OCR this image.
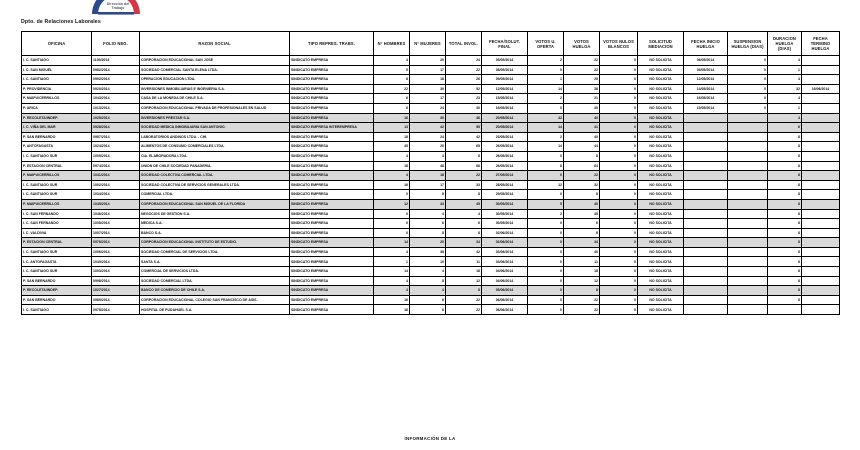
Dirección del
Trabajo
Dpto. de Relaciones Laborales
OFICINA	FOLIO NEG.	RAZON SOCIAL	TIPO REPRES. TRABS.	N° HOMBRES	N° MUJERES	TOTAL INVOL.	FECHA/SOLUT. FINAL	VOTOS U. OFERTA	VOTOS HUELGA	VOTOS NULOS BLANCOS	SOLICITUD MEDIACION	FECHA INICIO HUELGA	SUSPENSION HUELGA (DIAS)	DURACION HUELGA (DIAS)	FECHA TERMINO HUELGA
I. C. SANTIAGO	1109/2014	CORPORACION EDUCACIONAL SAN JOSE	SINDICATO EMPRESA	4	20	24	05/05/2014	2	22	0	NO SOLICITA	06/05/2014	0	4	
I. C. SAN MIGUEL	0982/2014	SOCIEDAD COMERCIAL SANTA ELENA LTDA.	SINDICATO EMPRESA	5	17	22	08/05/2014	0	22	0	NO SOLICITA	09/05/2014	0	1	
I. C. SANTIAGO	0992/2014	OPERACION EDUCACION LTDA.	SINDICATO EMPRESA	8	18	26	09/05/2014	1	25	0	NO SOLICITA	12/05/2014	0	4	
P. PROVIDENCIA	0920/2014	INVERSIONES INMOBILIARIAS E INGENIERIA S.A.	SINDICATO EMPRESA	22	30	52	12/05/2014	14	38	0	NO SOLICITA	14/05/2014	0	32	16/06/2014
P. MAIPU/CERRILLOS	1043/2014	CASA DE LA MONEDA DE CHILE S.A.	SINDICATO EMPRESA	6	17	23	15/05/2014	2	21	0	NO SOLICITA	16/05/2014	0	4	
P. ARICA	1013/2014	CORPORACION EDUCACIONAL PRIVADA DE PROFESIONALES EN SALUD	SINDICATO EMPRESA	6	24	30	16/05/2014	0	30	0	NO SOLICITA	19/05/2014	0	1	
P. RECOLETA/INDEP.	1025/2014	INVERSIONES PRESTAR S.A.	SINDICATO EMPRESA	16	30	46	20/05/2014	42	40	0	NO SOLICITA			4	
I. C. VIÑA DEL MAR	0928/2014	SOCIEDAD MEDICA INMOBILIARIA SAN ANTONIO.	SINDICATO EMPRESA INTEREMPRESA	13	42	55	20/05/2014	14	41	0	NO SOLICITA			6	
P. SAN BERNARDO	0987/2014	LABORATORIOS ANDINOS LTDA. - CHI.	SINDICATO EMPRESA	18	24	42	23/05/2014	2	40	0	NO SOLICITA			8	
P. ANTOFAGASTA	1024/2014	ALIMENTOS DE CONSUMO COMERCIALES LTDA.	SINDICATO EMPRESA	45	20	65	26/05/2014	14	44	0	NO SOLICITA			8	
I. C. SANTIAGO SUR	1005/2014	CIA. ELABORADORA LTDA.	SINDICATO EMPRESA	4	4	8	26/05/2014	0	8	0	NO SOLICITA			8	
P. ESTACION CENTRAL	0974/2014	UNION DE CHILE SOCIEDAD PANADERIA.	SINDICATO EMPRESA	18	48	66	26/05/2014	8	64	0	NO SOLICITA			8	
P. MAIPU/CERRILLOS	1041/2014	SOCIEDAD COLECTIVA COMERCIAL LTDA.	SINDICATO EMPRESA	4	18	22	27/05/2014	0	22	0	NO SOLICITA			8	
I. C. SANTIAGO SUR	1002/2014	SOCIEDAD COLECTIVA DE SERVICIOS GENERALES LTDA.	SINDICATO EMPRESA	16	17	33	28/05/2014	12	32	0	NO SOLICITA			8	
I. C. SANTIAGO SUR	1034/2014	COMERCIAL LTDA.	SINDICATO EMPRESA	0	8	8	29/05/2014	0	8	0	NO SOLICITA			8	
P. MAIPU/CERRILLOS	1045/2014	CORPORACION EDUCACIONAL SAN MIGUEL DE LA FLORIDA	SINDICATO EMPRESA	12	33	45	30/05/2014	5	40	0	NO SOLICITA			8	
I. C. SAN FERNANDO	1046/2014	NEGOCIOS DE GESTION S.A.	SINDICATO EMPRESA	0	4	4	30/05/2014	2	45	0	NO SOLICITA			8	
I. C. SAN FERNANDO	1008/2014	MEDICA S.A.	SINDICATO EMPRESA	0	6	6	30/05/2014	0	6	0	NO SOLICITA			8	
I. C. VALDIVIA	1007/2014	BANCO S.A.	SINDICATO EMPRESA	0	8	8	02/06/2014	0	8	0	NO SOLICITA			8	
P. ESTACION CENTRAL	0978/2014	CORPORACION EDUCACIONAL INSTITUTO DE ESTUDIO.	SINDICATO EMPRESA	14	20	34	02/06/2014	0	34	0	NO SOLICITA			8	
I. C. SANTIAGO SUR	1006/2014	SOCIEDAD COMERCIAL DE SERVICIOS LTDA.	SINDICATO EMPRESA	4	38	42	03/06/2014	0	40	0	NO SOLICITA			8	
I. C. ANTOFAGASTA	1040/2014	SANTA S.A.	SINDICATO EMPRESA	1	10	11	03/06/2014	0	11	0	NO SOLICITA			8	
I. C. SANTIAGO SUR	1003/2014	COMERCIAL DE SERVICIOS LTDA.	SINDICATO EMPRESA	14	4	18	04/06/2014	0	18	0	NO SOLICITA			8	
P. SAN BERNARDO	0998/2014	SOCIEDAD COMERCIAL LTDA.	SINDICATO EMPRESA	4	8	12	04/06/2014	0	12	0	NO SOLICITA			8	
P. RECOLETA/INDEP.	1027/2014	BANCO DE COMERCIO DE CHILE S.A.	SINDICATO EMPRESA	4	4	8	05/06/2014	0	8	0	NO SOLICITA			8	
P. SAN BERNARDO	0989/2014	CORPORACION EDUCACIONAL COLEGIO SAN FRANCISCO DE ASIS.	SINDICATO EMPRESA	16	6	22	06/06/2014	0	22	0	NO SOLICITA			8	
I. C. SANTIAGO	0978/2014	HOSPITAL DE PUDAHUEL S.A.	SINDICATO EMPRESA	16	6	22	06/06/2014	0	22	0	NO SOLICITA				
INFORMACIÓN DE LA
